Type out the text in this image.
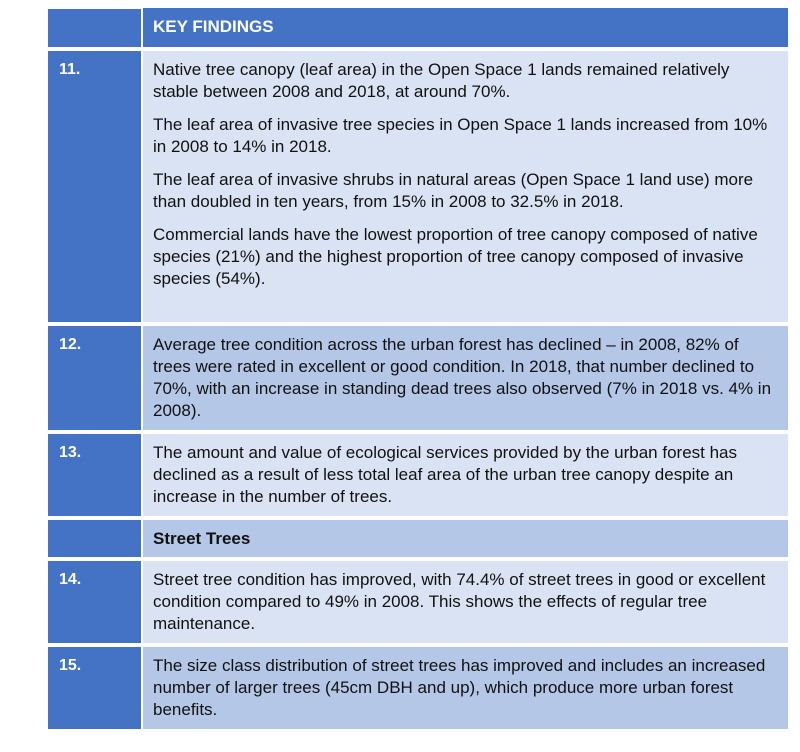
	KEY FINDINGS
11.	Native tree canopy (leaf area) in the Open Space 1 lands remained relatively stable between 2008 and 2018, at around 70%.

The leaf area of invasive tree species in Open Space 1 lands increased from 10% in 2008 to 14% in 2018.

The leaf area of invasive shrubs in natural areas (Open Space 1 land use) more than doubled in ten years, from 15% in 2008 to 32.5% in 2018.

Commercial lands have the lowest proportion of tree canopy composed of native species (21%) and the highest proportion of tree canopy composed of invasive species (54%).

12.	Average tree condition across the urban forest has declined – in 2008, 82% of trees were rated in excellent or good condition. In 2018, that number declined to 70%, with an increase in standing dead trees also observed (7% in 2018 vs. 4% in 2008).

13.	The amount and value of ecological services provided by the urban forest has declined as a result of less total leaf area of the urban tree canopy despite an increase in the number of trees.

	Street Trees
14.	Street tree condition has improved, with 74.4% of street trees in good or excellent condition compared to 49% in 2008. This shows the effects of regular tree maintenance.

15.	The size class distribution of street trees has improved and includes an increased number of larger trees (45cm DBH and up), which produce more urban forest benefits.
